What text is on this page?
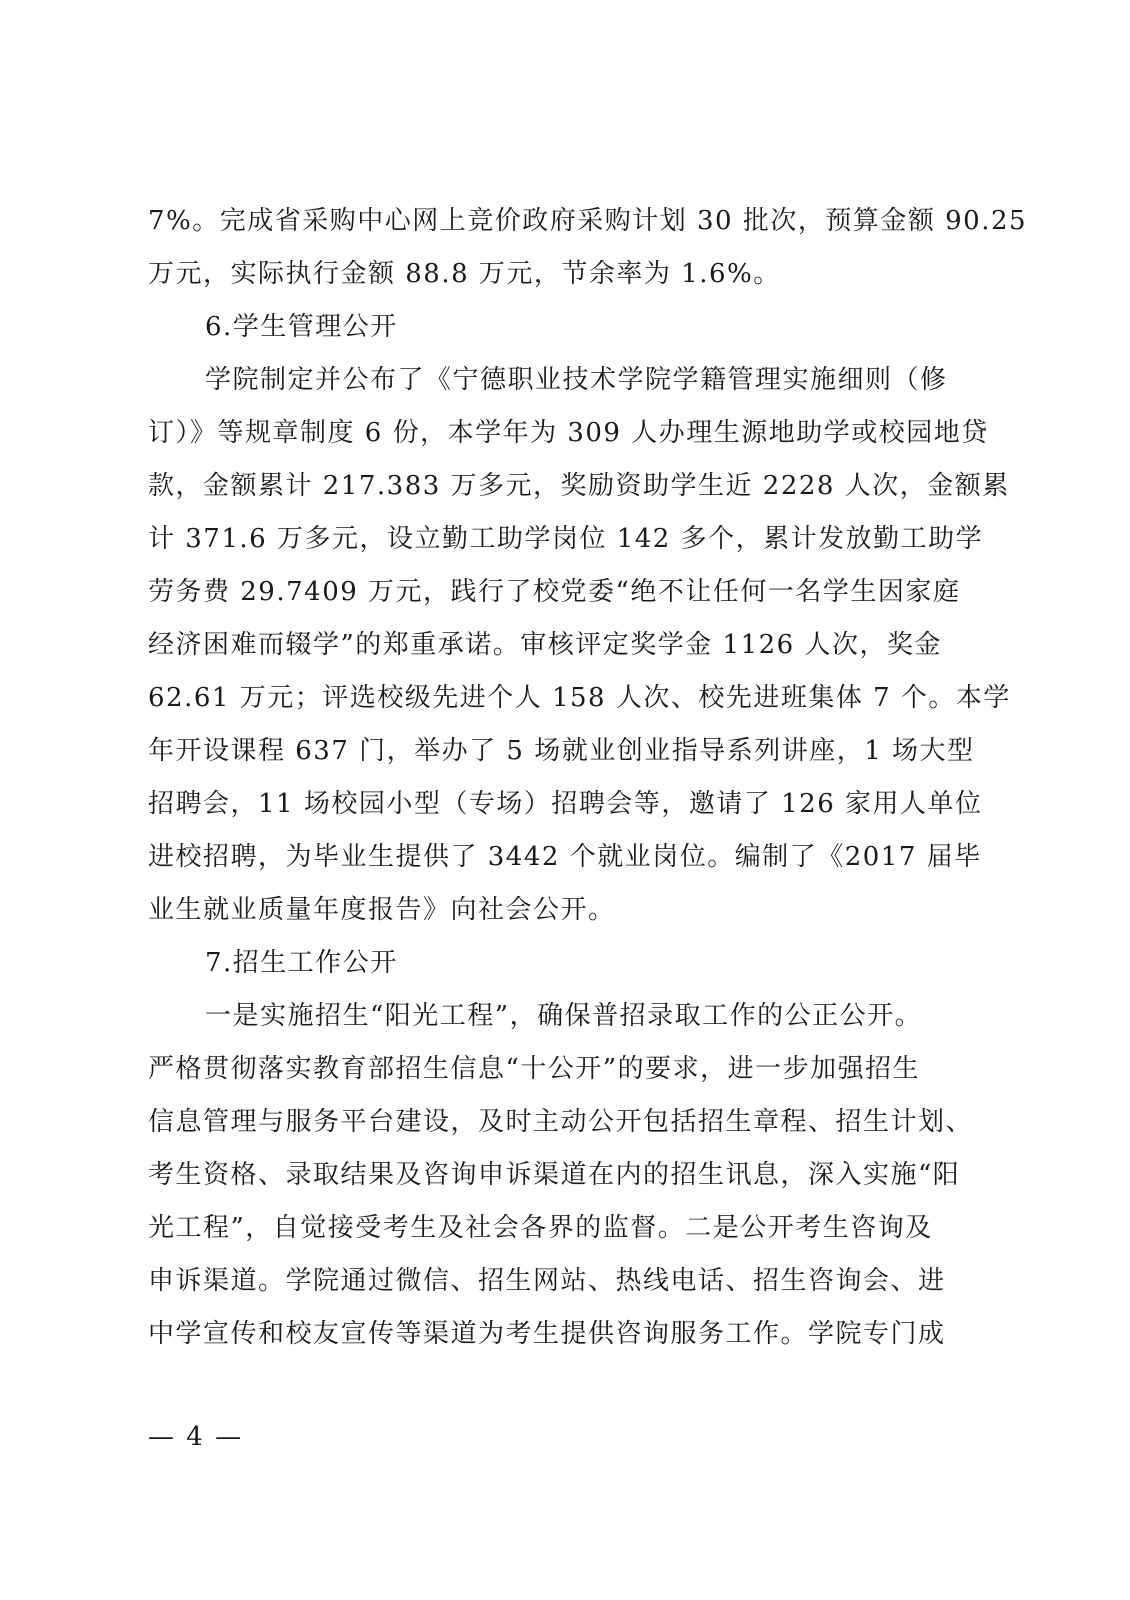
7%。完成省采购中心网上竞价政府采购计划 30 批次，预算金额 90.25
万元，实际执行金额 88.8 万元，节余率为 1.6%。
6.学生管理公开
学院制定并公布了《宁德职业技术学院学籍管理实施细则（修
订）》等规章制度 6 份，本学年为 309 人办理生源地助学或校园地贷
款，金额累计 217.383 万多元，奖励资助学生近 2228 人次，金额累
计 371.6 万多元，设立勤工助学岗位 142 多个，累计发放勤工助学
劳务费 29.7409 万元，践行了校党委“绝不让任何一名学生因家庭
经济困难而辍学”的郑重承诺。审核评定奖学金 1126 人次，奖金
62.61 万元；评选校级先进个人 158 人次、校先进班集体 7 个。本学
年开设课程 637 门，举办了 5 场就业创业指导系列讲座，1 场大型
招聘会，11 场校园小型（专场）招聘会等，邀请了 126 家用人单位
进校招聘，为毕业生提供了 3442 个就业岗位。编制了《2017 届毕
业生就业质量年度报告》向社会公开。
7.招生工作公开
一是实施招生“阳光工程”，确保普招录取工作的公正公开。
严格贯彻落实教育部招生信息“十公开”的要求，进一步加强招生
信息管理与服务平台建设，及时主动公开包括招生章程、招生计划、
考生资格、录取结果及咨询申诉渠道在内的招生讯息，深入实施“阳
光工程”，自觉接受考生及社会各界的监督。二是公开考生咨询及
申诉渠道。学院通过微信、招生网站、热线电话、招生咨询会、进
中学宣传和校友宣传等渠道为考生提供咨询服务工作。学院专门成
— 4 —
